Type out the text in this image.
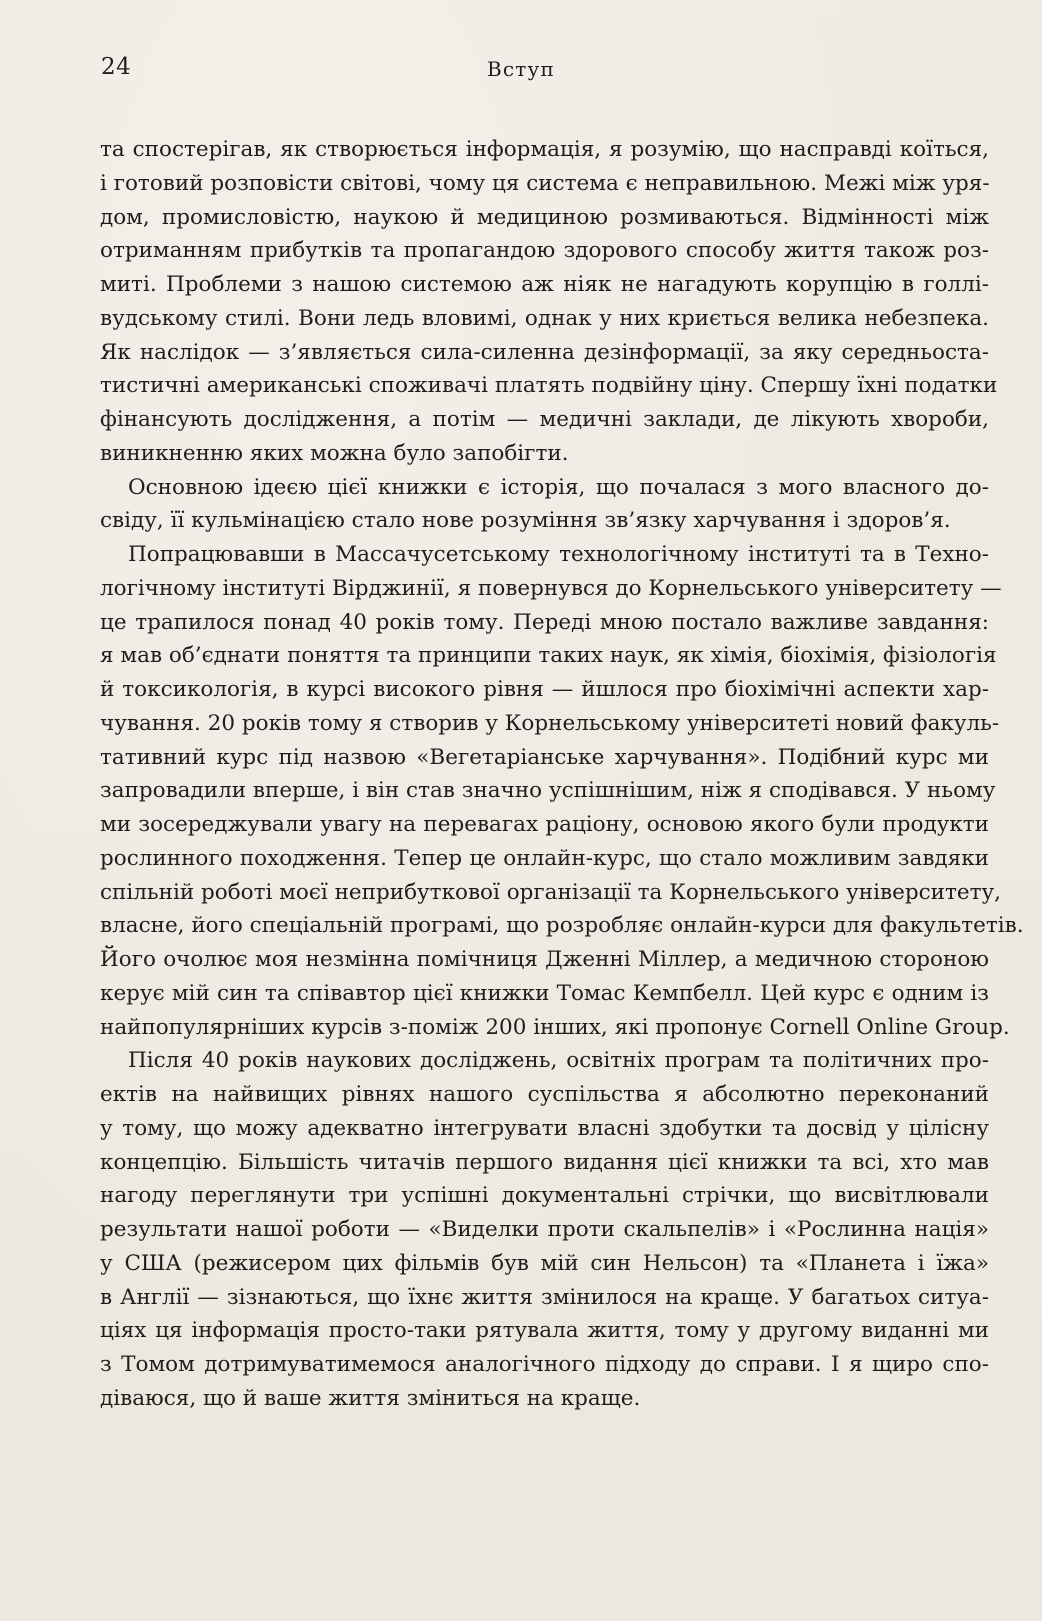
24	Вступ
та спостерігав, як створюється інформація, я розумію, що насправді коїться,
і готовий розповісти світові, чому ця система є неправильною. Межі між уря-
дом, промисловістю, наукою й медициною розмиваються. Відмінності між
отриманням прибутків та пропагандою здорового способу життя також роз-
миті. Проблеми з нашою системою аж ніяк не нагадують корупцію в голлі-
вудському стилі. Вони ледь вловимі, однак у них криється велика небезпека.
Як наслідок — з’являється сила-силенна дезінформації, за яку середньоста-
тистичні американські споживачі платять подвійну ціну. Спершу їхні податки
фінансують дослідження, а потім — медичні заклади, де лікують хвороби,
виникненню яких можна було запобігти.
Основною ідеєю цієї книжки є історія, що почалася з мого власного до-
свіду, її кульмінацією стало нове розуміння зв’язку харчування і здоров’я.
Попрацювавши в Массачусетському технологічному інституті та в Техно-
логічному інституті Вірджинії, я повернувся до Корнельського університету —
це трапилося понад 40 років тому. Переді мною постало важливе завдання:
я мав об’єднати поняття та принципи таких наук, як хімія, біохімія, фізіологія
й токсикологія, в курсі високого рівня — йшлося про біохімічні аспекти хар-
чування. 20 років тому я створив у Корнельському університеті новий факуль-
тативний курс під назвою «Вегетаріанське харчування». Подібний курс ми
запровадили вперше, і він став значно успішнішим, ніж я сподівався. У ньому
ми зосереджували увагу на перевагах раціону, основою якого були продукти
рослинного походження. Тепер це онлайн-курс, що стало можливим завдяки
спільній роботі моєї неприбуткової організації та Корнельського університету,
власне, його спеціальній програмі, що розробляє онлайн-курси для факультетів.
Його очолює моя незмінна помічниця Дженні Міллер, а медичною стороною
керує мій син та співавтор цієї книжки Томас Кемпбелл. Цей курс є одним із
найпопулярніших курсів з-поміж 200 інших, які пропонує Cornell Online Group.
Після 40 років наукових досліджень, освітніх програм та політичних про-
ектів на найвищих рівнях нашого суспільства я абсолютно переконаний
у тому, що можу адекватно інтегрувати власні здобутки та досвід у цілісну
концепцію. Більшість читачів першого видання цієї книжки та всі, хто мав
нагоду переглянути три успішні документальні стрічки, що висвітлювали
результати нашої роботи — «Виделки проти скальпелів» і «Рослинна нація»
у США (режисером цих фільмів був мій син Нельсон) та «Планета і їжа»
в Англії — зізнаються, що їхнє життя змінилося на краще. У багатьох ситуа-
ціях ця інформація просто-таки рятувала життя, тому у другому виданні ми
з Томом дотримуватимемося аналогічного підходу до справи. І я щиро спо-
діваюся, що й ваше життя зміниться на краще.
